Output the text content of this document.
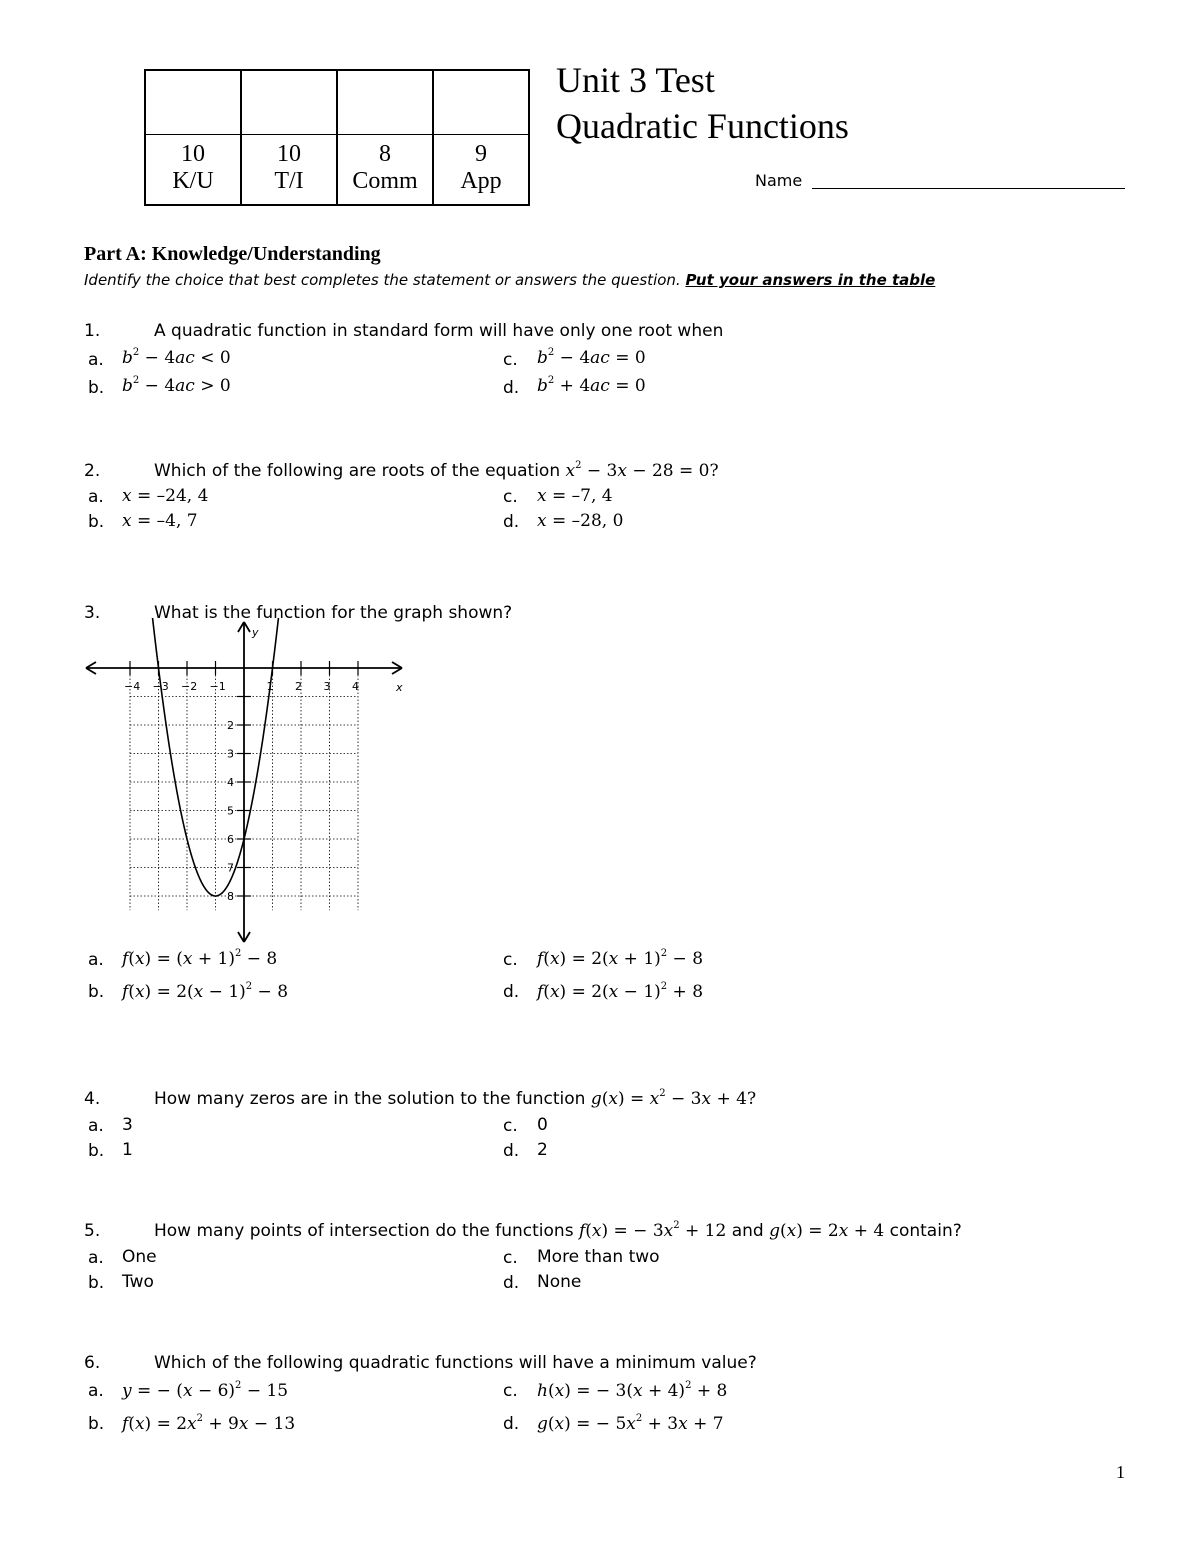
10	10	8	9
K/U	T/I	Comm	App
Unit 3 Test
Quadratic Functions
Name
Part A: Knowledge/Understanding
Identify the choice that best completes the statement or answers the question. Put your answers in the table
1.	A quadratic function in standard form will have only one root when
a. $b^2 - 4ac < 0$
b. $b^2 - 4ac > 0$
c. $b^2 - 4ac = 0$
d. $b^2 + 4ac = 0$
2.	Which of the following are roots of the equation $x^2 - 3x - 28 = 0$?
a. x = –24, 4
b. x = –4, 7
c. x = –7, 4
d. x = –28, 0
3.	What is the function for the graph shown?
−4 −3 −2 −1	1 2 3 4
2
3
4
5
6
7
8
x
y
a. $f(x) = (x + 1)^2 - 8$
b. $f(x) = 2(x - 1)^2 - 8$
c. $f(x) = 2(x + 1)^2 - 8$
d. $f(x) = 2(x - 1)^2 + 8$
4.	How many zeros are in the solution to the function $g(x) = x^2 - 3x + 4$?
a. 3
b. 1
c. 0
d. 2
5.	How many points of intersection do the functions f(x) = − $3x^2 + 12$ and g(x) = 2x + 4 contain?
a. One
b. Two
c. More than two
d. None
6.	Which of the following quadratic functions will have a minimum value?
a. y = − $(x - 6)^2 - 15$
b. $f(x) = 2x^2 + 9x - 13$
c. h(x) = − $3(x + 4)^2 + 8$
d. g(x) = − $5x^2 + 3x + 7$
1
